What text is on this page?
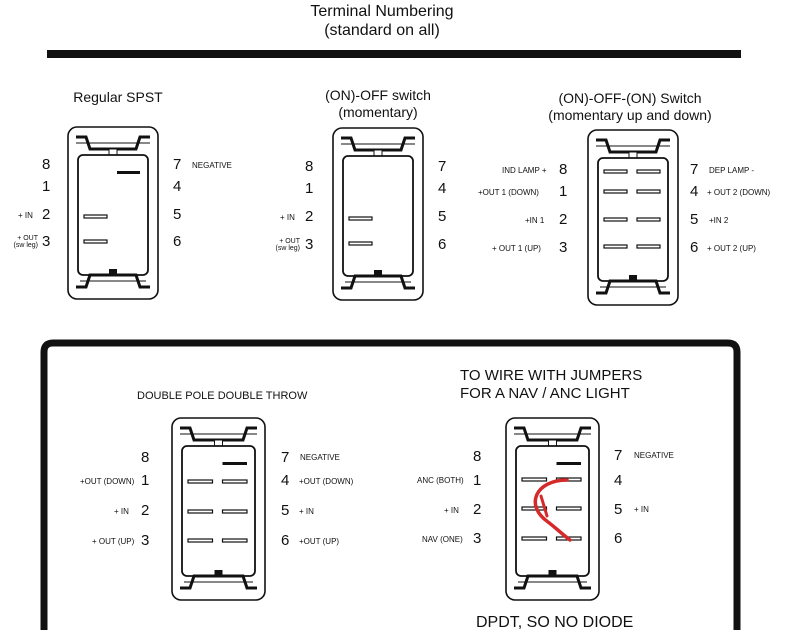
Terminal Numbering
(standard on all)
Regular SPST
8
1
2
3
7
4
5
6
NEGATIVE
+ IN
+ OUT
(sw leg)
(ON)-OFF switch
(momentary)
8
1
2
3
7
4
5
6
+ IN
+ OUT
(sw leg)
(ON)-OFF-(ON) Switch
(momentary up and down)
8
1
2
3
7
4
5
6
IND LAMP +
+OUT 1 (DOWN)
+IN 1
+ OUT 1 (UP)
DEP LAMP -
+ OUT 2 (DOWN)
+IN 2
+ OUT 2 (UP)
DOUBLE POLE DOUBLE THROW
8
1
2
3
7
4
5
6
+OUT (DOWN)
+ IN
+ OUT (UP)
NEGATIVE
+OUT (DOWN)
+ IN
+OUT (UP)
TO WIRE WITH JUMPERS
FOR A NAV / ANC LIGHT
8
1
2
3
7
4
5
6
ANC (BOTH)
+ IN
NAV (ONE)
NEGATIVE
+ IN
DPDT, SO NO DIODE
